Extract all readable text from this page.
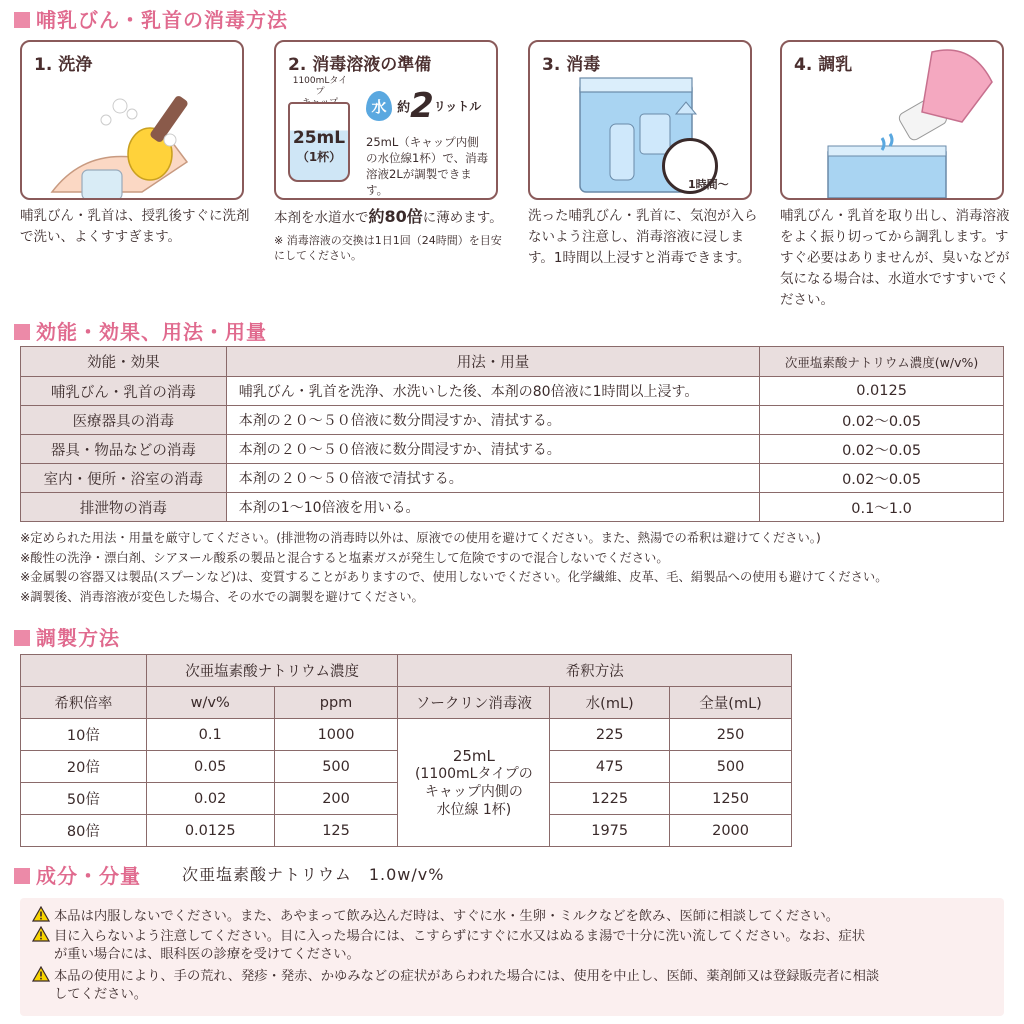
哺乳びん・乳首の消毒方法
1. 洗浄
哺乳びん・乳首は、授乳後すぐに洗剤で洗い、よくすすぎます。
2. 消毒溶液の準備
1100mLタイプ
25mL
（1杯）
水 約2リットル
25mL（キャップ内側の水位線1杯）で、消毒溶液2Lが調製できます。
本剤を水道水で約80倍に薄めます。
※ 消毒溶液の交換は1日1回（24時間）を目安にしてください。
3. 消毒
1時間〜
洗った哺乳びん・乳首に、気泡が入らないよう注意し、消毒溶液に浸します。1時間以上浸すと消毒できます。
4. 調乳
哺乳びん・乳首を取り出し、消毒溶液をよく振り切ってから調乳します。すすぐ必要はありませんが、臭いなどが気になる場合は、水道水ですすいでください。
効能・効果、用法・用量
効能・効果	用法・用量	次亜塩素酸ナトリウム濃度(w/v%)
哺乳びん・乳首の消毒	哺乳びん・乳首を洗浄、水洗いした後、本剤の80倍液に1時間以上浸す。	0.0125
医療器具の消毒	本剤の２０～５０倍液に数分間浸すか、清拭する。	0.02～0.05
器具・物品などの消毒	本剤の２０～５０倍液に数分間浸すか、清拭する。	0.02～0.05
室内・便所・浴室の消毒	本剤の２０～５０倍液で清拭する。	0.02～0.05
排泄物の消毒	本剤の1～10倍液を用いる。	0.1～1.0
※定められた用法・用量を厳守してください。(排泄物の消毒時以外は、原液での使用を避けてください。また、熱湯での希釈は避けてください。)
※酸性の洗浄・漂白剤、シアヌール酸系の製品と混合すると塩素ガスが発生して危険ですので混合しないでください。
※金属製の容器又は製品(スプーンなど)は、変質することがありますので、使用しないでください。化学繊維、皮革、毛、絹製品への使用も避けてください。
※調製後、消毒溶液が変色した場合、その水での調製を避けてください。
調製方法
	次亜塩素酸ナトリウム濃度		希釈方法		
希釈倍率	w/v%	ppm	ソークリン消毒液	水(mL)	全量(mL)
10倍	0.1	1000	25mL
(1100mLタイプの
キャップ内側の
水位線 1杯)	225	250
20倍	0.05	500		475	500
50倍	0.02	200		1225	1250
80倍	0.0125	125		1975	2000
成分・分量	次亜塩素酸ナトリウム　1.0w/v%
本品は内服しないでください。また、あやまって飲み込んだ時は、すぐに水・生卵・ミルクなどを飲み、医師に相談してください。
目に入らないよう注意してください。目に入った場合には、こすらずにすぐに水又はぬるま湯で十分に洗い流してください。なお、症状
が重い場合には、眼科医の診療を受けてください。
本品の使用により、手の荒れ、発疹・発赤、かゆみなどの症状があらわれた場合には、使用を中止し、医師、薬剤師又は登録販売者に相談
してください。
